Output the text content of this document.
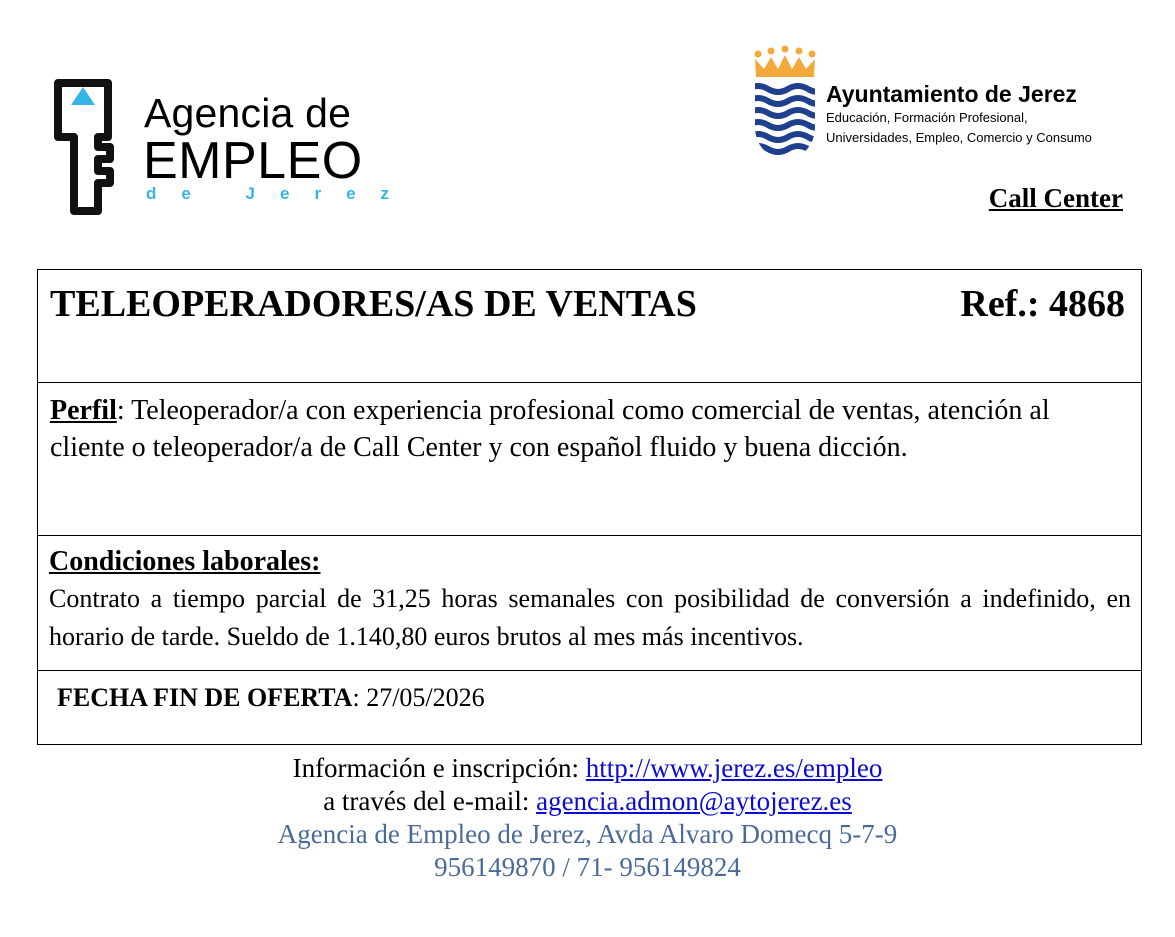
Agencia de
EMPLEO
de Jerez
Ayuntamiento de Jerez
Educación, Formación Profesional,
Universidades, Empleo, Comercio y Consumo
Call Center
TELEOPERADORES/AS DE VENTAS	Ref.: 4868
Perfil: Teleoperador/a con experiencia profesional como comercial de ventas, atención al cliente o teleoperador/a de Call Center y con español fluido y buena dicción.
Condiciones laborales:
Contrato a tiempo parcial de 31,25 horas semanales con posibilidad de conversión a indefinido, en horario de tarde. Sueldo de 1.140,80 euros brutos al mes más incentivos.
FECHA FIN DE OFERTA: 27/05/2026
Información e inscripción: http://www.jerez.es/empleo
a través del e-mail: agencia.admon@aytojerez.es
Agencia de Empleo de Jerez, Avda Alvaro Domecq 5-7-9
956149870 / 71- 956149824
